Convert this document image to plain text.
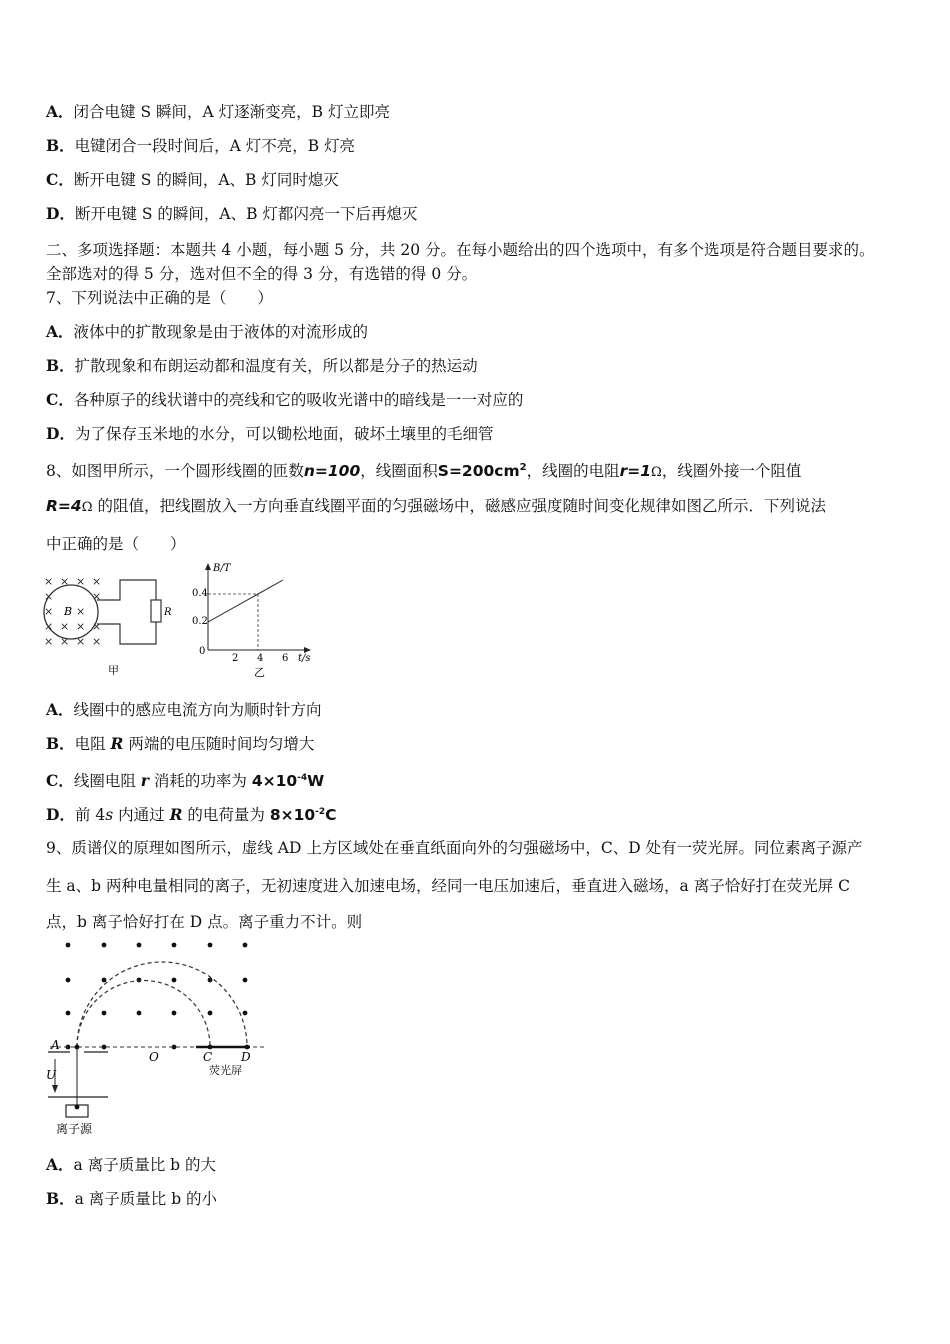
A．闭合电键 S 瞬间，A 灯逐渐变亮，B 灯立即亮
B．电键闭合一段时间后，A 灯不亮，B 灯亮
C．断开电键 S 的瞬间，A、B 灯同时熄灭
D．断开电键 S 的瞬间，A、B 灯都闪亮一下后再熄灭
二、多项选择题：本题共 4 小题，每小题 5 分，共 20 分。在每小题给出的四个选项中，有多个选项是符合题目要求的。
全部选对的得 5 分，选对但不全的得 3 分，有选错的得 0 分。
7、下列说法中正确的是（　　）
A．液体中的扩散现象是由于液体的对流形成的
B．扩散现象和布朗运动都和温度有关，所以都是分子的热运动
C．各种原子的线状谱中的亮线和它的吸收光谱中的暗线是一一对应的
D．为了保存玉米地的水分，可以锄松地面，破坏土壤里的毛细管
8、如图甲所示，一个圆形线圈的匝数n=100，线圈面积$S=200cm^2$，线圈的电阻r=1Ω，线圈外接一个阻值
R=4Ω 的阻值，把线圈放入一方向垂直线圈平面的匀强磁场中，磁感应强度随时间变化规律如图乙所示．下列说法
中正确的是（　　）
× × × ×
×	×
× ×
× × × ×
× × × ×
B	R
甲
B/T
t/s
0.4
0.2
0
2 4 6
乙
A．线圈中的感应电流方向为顺时针方向
B．电阻 R 两端的电压随时间均匀增大
C．线圈电阻 r 消耗的功率为 $4\times 10^{-4}W$
D．前 4s 内通过 R 的电荷量为 $8\times 10^{-2}C$
9、质谱仪的原理如图所示，虚线 AD 上方区域处在垂直纸面向外的匀强磁场中，C、D 处有一荧光屏。同位素离子源产
生 a、b 两种电量相同的离子，无初速度进入加速电场，经同一电压加速后，垂直进入磁场，a 离子恰好打在荧光屏 C
点，b 离子恰好打在 D 点。离子重力不计。则
A
O	C D
U	荧光屏
离子源
A．a 离子质量比 b 的大
B．a 离子质量比 b 的小
